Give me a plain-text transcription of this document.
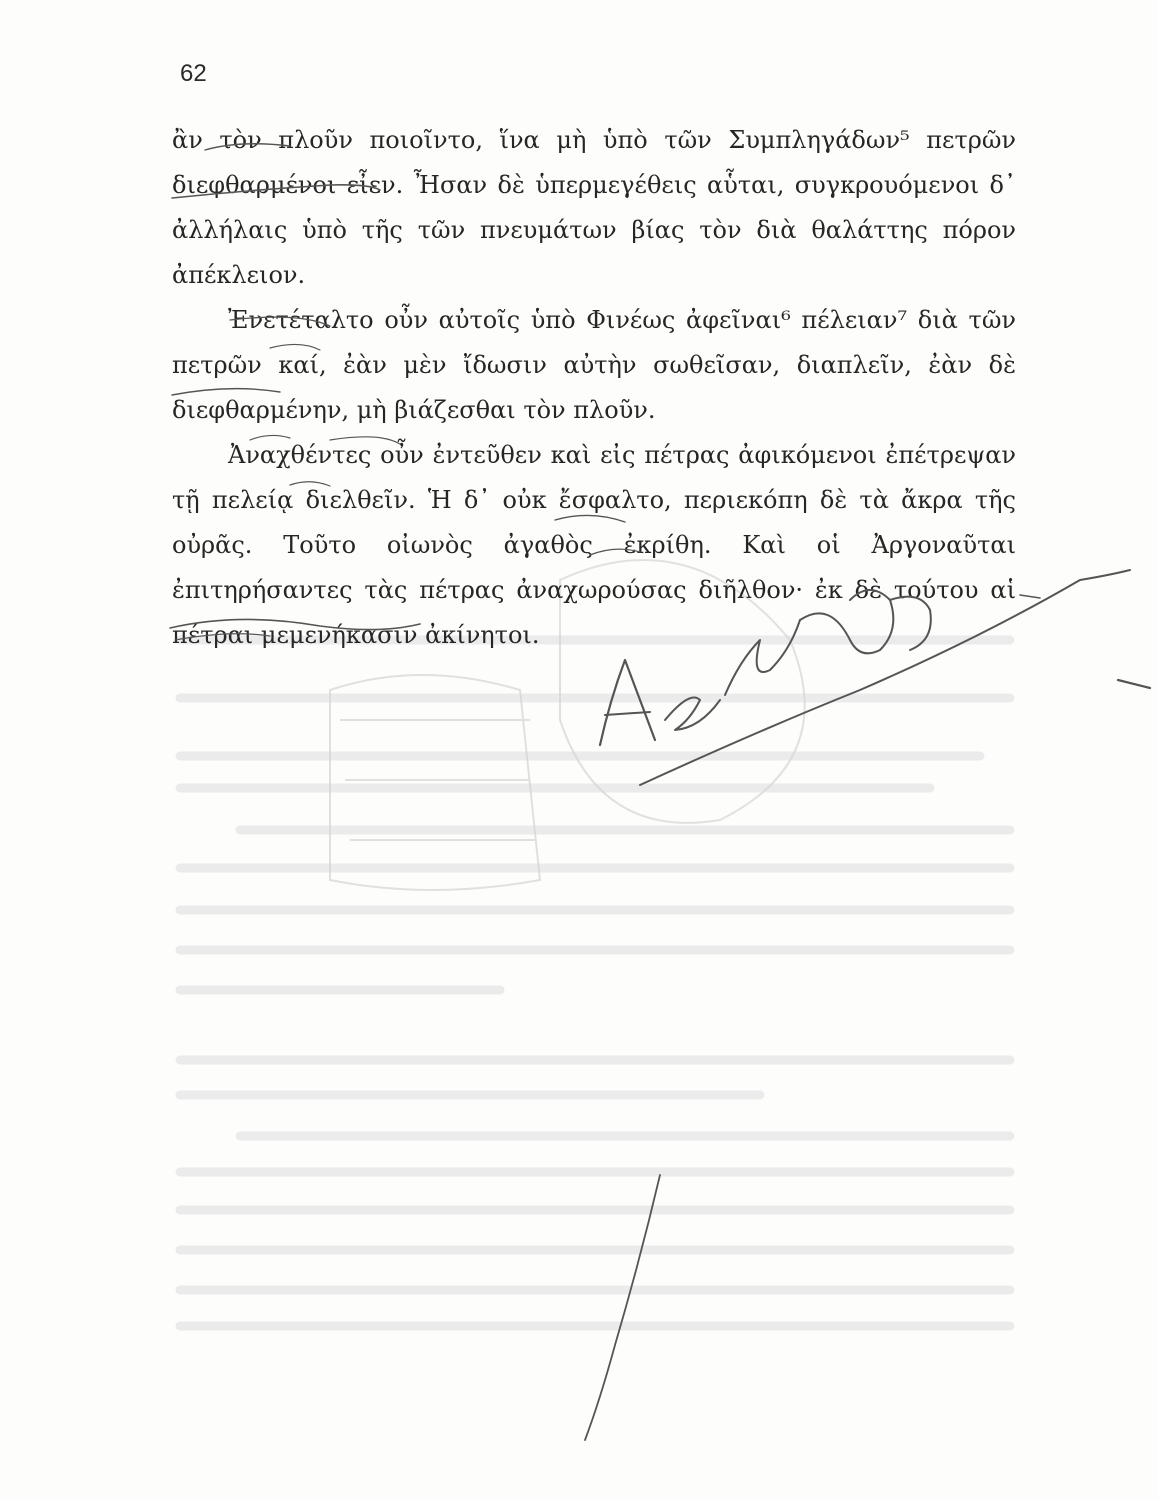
62

ἂν τὸν πλοῦν ποιοῖντο, ἵνα μὴ ὑπὸ τῶν Συμπληγάδων⁵ πετρῶν διεφθαρμένοι εἶεν. Ἦσαν δὲ ὑπερμεγέθεις αὗται, συγκρουόμενοι δ᾽ ἀλλήλαις ὑπὸ τῆς τῶν πνευμάτων βίας τὸν διὰ θαλάττης πόρον ἀπέκλειον.

Ἐνετέταλτο οὖν αὐτοῖς ὑπὸ Φινέως ἀφεῖναι⁶ πέλειαν⁷ διὰ τῶν πετρῶν καί, ἐὰν μὲν ἴδωσιν αὐτὴν σωθεῖσαν, διαπλεῖν, ἐὰν δὲ διεφθαρμένην, μὴ βιάζεσθαι τὸν πλοῦν.

Ἀναχθέντες οὖν ἐντεῦθεν καὶ εἰς πέτρας ἀφικόμενοι ἐπέτρεψαν τῇ πελείᾳ διελθεῖν. Ἡ δ᾽ οὐκ ἔσφαλτο, περιεκόπη δὲ τὰ ἄκρα τῆς οὐρᾶς. Τοῦτο οἰωνὸς ἀγαθὸς ἐκρίθη. Καὶ οἱ Ἀργοναῦται ἐπιτηρήσαντες τὰς πέτρας ἀναχωρούσας διῆλθον· ἐκ δὲ τούτου αἱ πέτραι μεμενήκασιν ἀκίνητοι.
